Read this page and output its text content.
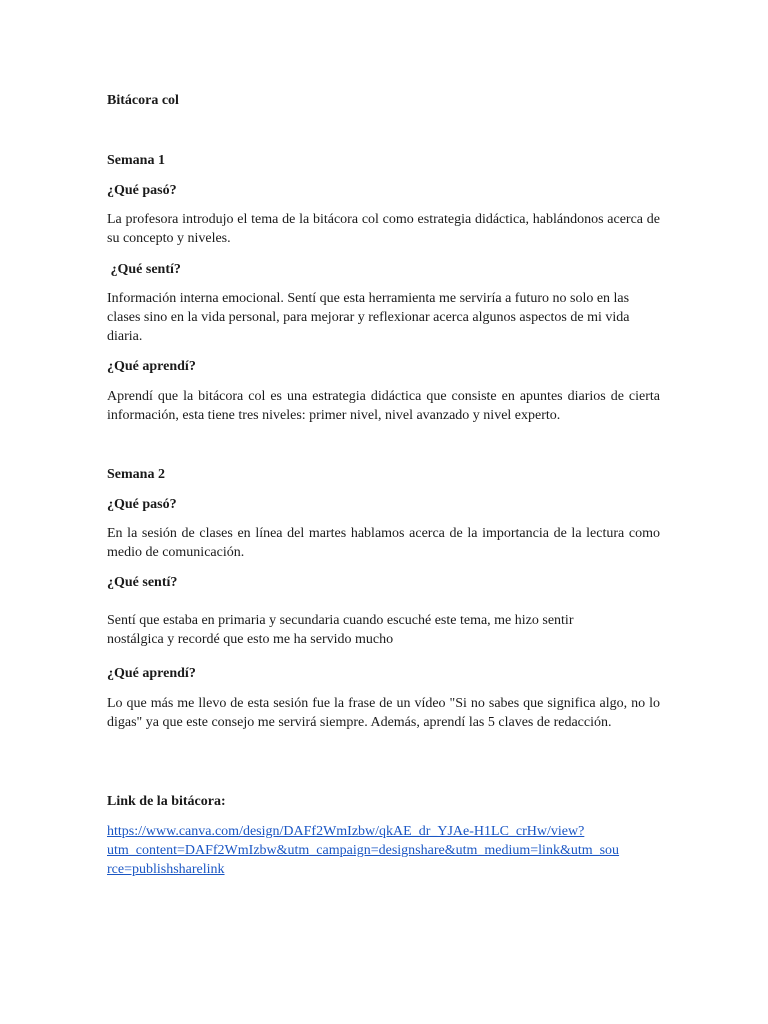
Bitácora col

Semana 1

¿Qué pasó?

La profesora introdujo el tema de la bitácora col como estrategia didáctica, hablándonos acerca de su concepto y niveles.

¿Qué sentí?

Información interna emocional. Sentí que esta herramienta me serviría a futuro no solo en las clases sino en la vida personal, para mejorar y reflexionar acerca algunos aspectos de mi vida diaria.

¿Qué aprendí?

Aprendí que la bitácora col es una estrategia didáctica que consiste en apuntes diarios de cierta información, esta tiene tres niveles: primer nivel, nivel avanzado y nivel experto.

Semana 2

¿Qué pasó?

En la sesión de clases en línea del martes hablamos acerca de la importancia de la lectura como medio de comunicación.

¿Qué sentí?

Sentí que estaba en primaria y secundaria cuando escuché este tema, me hizo sentir nostálgica y recordé que esto me ha servido mucho

¿Qué aprendí?

Lo que más me llevo de esta sesión fue la frase de un vídeo "Si no sabes que significa algo, no lo digas" ya que este consejo me servirá siempre. Además, aprendí las 5 claves de redacción.

Link de la bitácora:

https://www.canva.com/design/DAFf2WmIzbw/qkAE_dr_YJAe-H1LC_crHw/view?
utm_content=DAFf2WmIzbw&utm_campaign=designshare&utm_medium=link&utm_sou
rce=publishsharelink
